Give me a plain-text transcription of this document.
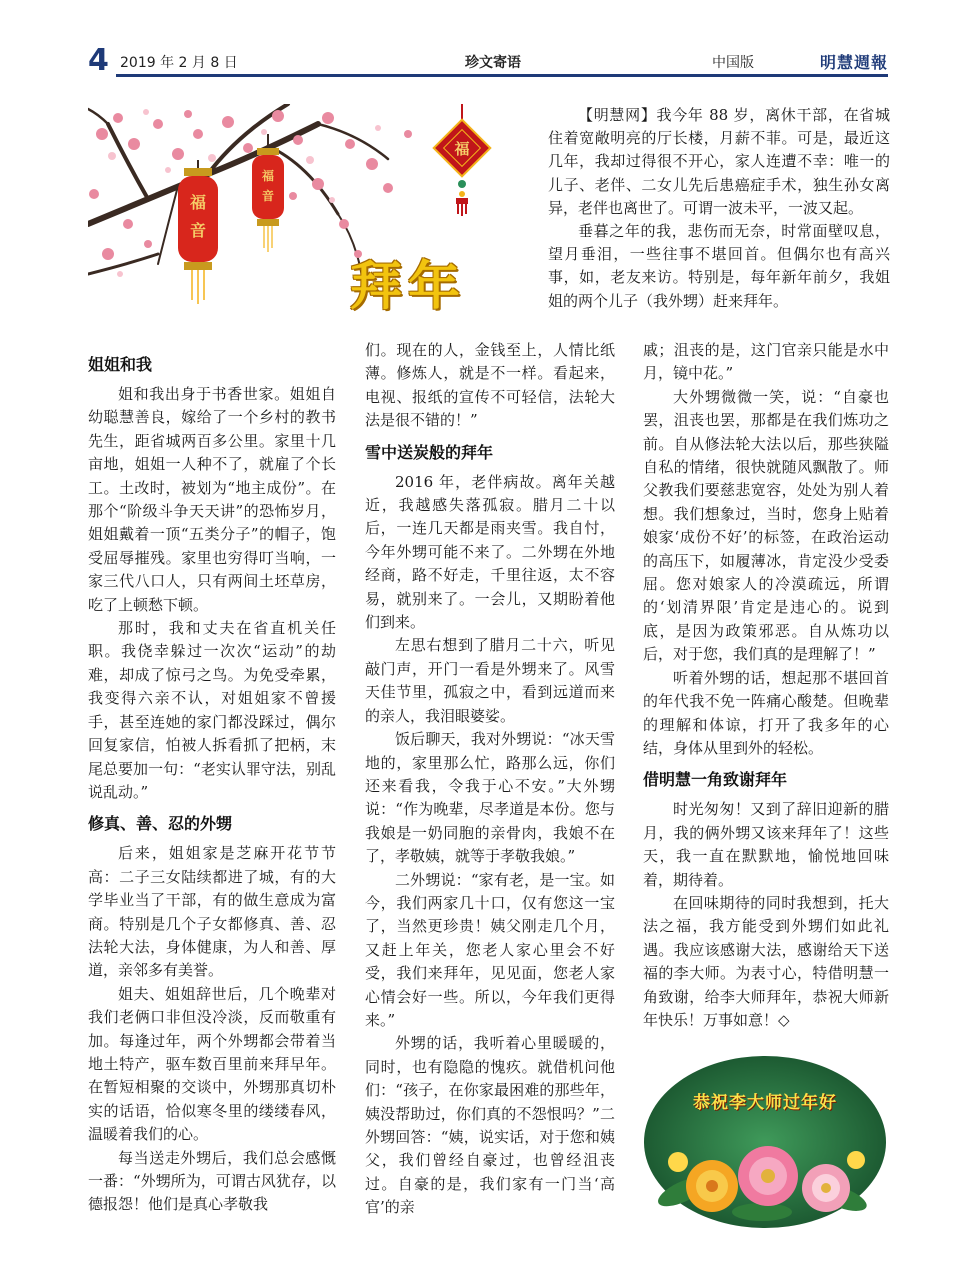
4 2019 年 2 月 8 日	珍文寄语	中国版	明慧週報
福
音
福
音
福
拜年

【明慧网】我今年 88 岁，离休干部，在省城住着宽敞明亮的厅长楼，月薪不菲。可是，最近这几年，我却过得很不开心，家人连遭不幸：唯一的儿子、老伴、二女儿先后患癌症手术，独生孙女离异，老伴也离世了。可谓一波未平，一波又起。

垂暮之年的我，悲伤而无奈，时常面壁叹息，望月垂泪，一些往事不堪回首。但偶尔也有高兴事，如，老友来访。特别是，每年新年前夕，我姐姐的两个儿子（我外甥）赶来拜年。

姐姐和我

姐和我出身于书香世家。姐姐自幼聪慧善良，嫁给了一个乡村的教书先生，距省城两百多公里。家里十几亩地，姐姐一人种不了，就雇了个长工。土改时，被划为“地主成份”。在那个“阶级斗争天天讲”的恐怖岁月，姐姐戴着一顶“五类分子”的帽子，饱受屈辱摧残。家里也穷得叮当响，一家三代八口人，只有两间土坯草房，吃了上顿愁下顿。

那时，我和丈夫在省直机关任职。我侥幸躲过一次次“运动”的劫难，却成了惊弓之鸟。为免受牵累，我变得六亲不认，对姐姐家不曾援手，甚至连她的家门都没踩过，偶尔回复家信，怕被人拆看抓了把柄，末尾总要加一句：“老实认罪守法，别乱说乱动。”

修真、善、忍的外甥

后来，姐姐家是芝麻开花节节高：二子三女陆续都进了城，有的大学毕业当了干部，有的做生意成为富商。特别是几个子女都修真、善、忍法轮大法，身体健康，为人和善、厚道，亲邻多有美誉。

姐夫、姐姐辞世后，几个晚辈对我们老俩口非但没冷淡，反而敬重有加。每逢过年，两个外甥都会带着当地土特产，驱车数百里前来拜早年。在暂短相聚的交谈中，外甥那真切朴实的话语，恰似寒冬里的缕缕春风，温暖着我们的心。

每当送走外甥后，我们总会感慨一番：“外甥所为，可谓古风犹存，以德报怨！他们是真心孝敬我

们。现在的人，金钱至上，人情比纸薄。修炼人，就是不一样。看起来，电视、报纸的宣传不可轻信，法轮大法是很不错的！”

雪中送炭般的拜年

2016 年，老伴病故。离年关越近，我越感失落孤寂。腊月二十以后，一连几天都是雨夹雪。我自忖，今年外甥可能不来了。二外甥在外地经商，路不好走，千里往返，太不容易，就别来了。一会儿，又期盼着他们到来。

左思右想到了腊月二十六，听见敲门声，开门一看是外甥来了。风雪天佳节里，孤寂之中，看到远道而来的亲人，我泪眼婆娑。

饭后聊天，我对外甥说：“冰天雪地的，家里那么忙，路那么远，你们还来看我，令我于心不安。”大外甥说：“作为晚辈，尽孝道是本份。您与我娘是一奶同胞的亲骨肉，我娘不在了，孝敬姨，就等于孝敬我娘。”

二外甥说：“家有老，是一宝。如今，我们两家几十口，仅有您这一宝了，当然更珍贵！姨父刚走几个月，又赶上年关，您老人家心里会不好受，我们来拜年，见见面，您老人家心情会好一些。所以，今年我们更得来。”

外甥的话，我听着心里暖暖的，同时，也有隐隐的愧疚。就借机问他们：“孩子，在你家最困难的那些年，姨没帮助过，你们真的不怨恨吗？”二外甥回答：“姨，说实话，对于您和姨父，我们曾经自豪过，也曾经沮丧过。自豪的是，我们家有一门当‘高官’的亲

戚；沮丧的是，这门官亲只能是水中月，镜中花。”

大外甥微微一笑，说：“自豪也罢，沮丧也罢，那都是在我们炼功之前。自从修法轮大法以后，那些狭隘自私的情绪，很快就随风飘散了。师父教我们要慈悲宽容，处处为别人着想。我们想象过，当时，您身上贴着娘家‘成份不好’的标签，在政治运动的高压下，如履薄冰，肯定没少受委屈。您对娘家人的冷漠疏远，所谓的‘划清界限’肯定是违心的。说到底，是因为政策邪恶。自从炼功以后，对于您，我们真的是理解了！”

听着外甥的话，想起那不堪回首的年代我不免一阵痛心酸楚。但晚辈的理解和体谅，打开了我多年的心结，身体从里到外的轻松。

借明慧一角致谢拜年

时光匆匆！又到了辞旧迎新的腊月，我的俩外甥又该来拜年了！这些天，我一直在默默地，愉悦地回味着，期待着。

在回味期待的同时我想到，托大法之福，我方能受到外甥们如此礼遇。我应该感谢大法，感谢给天下送福的李大师。为表寸心，特借明慧一角致谢，给李大师拜年，恭祝大师新年快乐！万事如意！◇

恭祝李大师过年好
